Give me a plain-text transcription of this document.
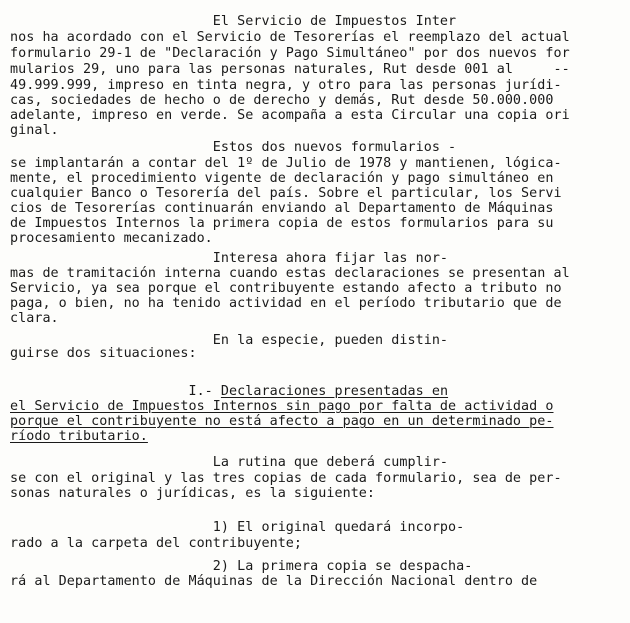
El Servicio de Impuestos Inter
nos ha acordado con el Servicio de Tesorerías el reemplazo del actual
formulario 29-1 de "Declaración y Pago Simultáneo" por dos nuevos for
mularios 29, uno para las personas naturales, Rut desde 001 al     --
49.999.999, impreso en tinta negra, y otro para las personas jurídi-
cas, sociedades de hecho o de derecho y demás, Rut desde 50.000.000
adelante, impreso en verde. Se acompaña a esta Circular una copia ori
ginal.
Estos dos nuevos formularios -
se implantarán a contar del 1º de Julio de 1978 y mantienen, lógica-
mente, el procedimiento vigente de declaración y pago simultáneo en
cualquier Banco o Tesorería del país. Sobre el particular, los Servi
cios de Tesorerías continuarán enviando al Departamento de Máquinas
de Impuestos Internos la primera copia de estos formularios para su
procesamiento mecanizado.
Interesa ahora fijar las nor-
mas de tramitación interna cuando estas declaraciones se presentan al
Servicio, ya sea porque el contribuyente estando afecto a tributo no
paga, o bien, no ha tenido actividad en el período tributario que de
clara.
En la especie, pueden distin-
guirse dos situaciones:
I.- Declaraciones presentadas en
el Servicio de Impuestos Internos sin pago por falta de actividad o
porque el contribuyente no está afecto a pago en un determinado pe-
ríodo tributario.
La rutina que deberá cumplir-
se con el original y las tres copias de cada formulario, sea de per-
sonas naturales o jurídicas, es la siguiente:
1) El original quedará incorpo-
rado a la carpeta del contribuyente;
2) La primera copia se despacha-
rá al Departamento de Máquinas de la Dirección Nacional dentro de
